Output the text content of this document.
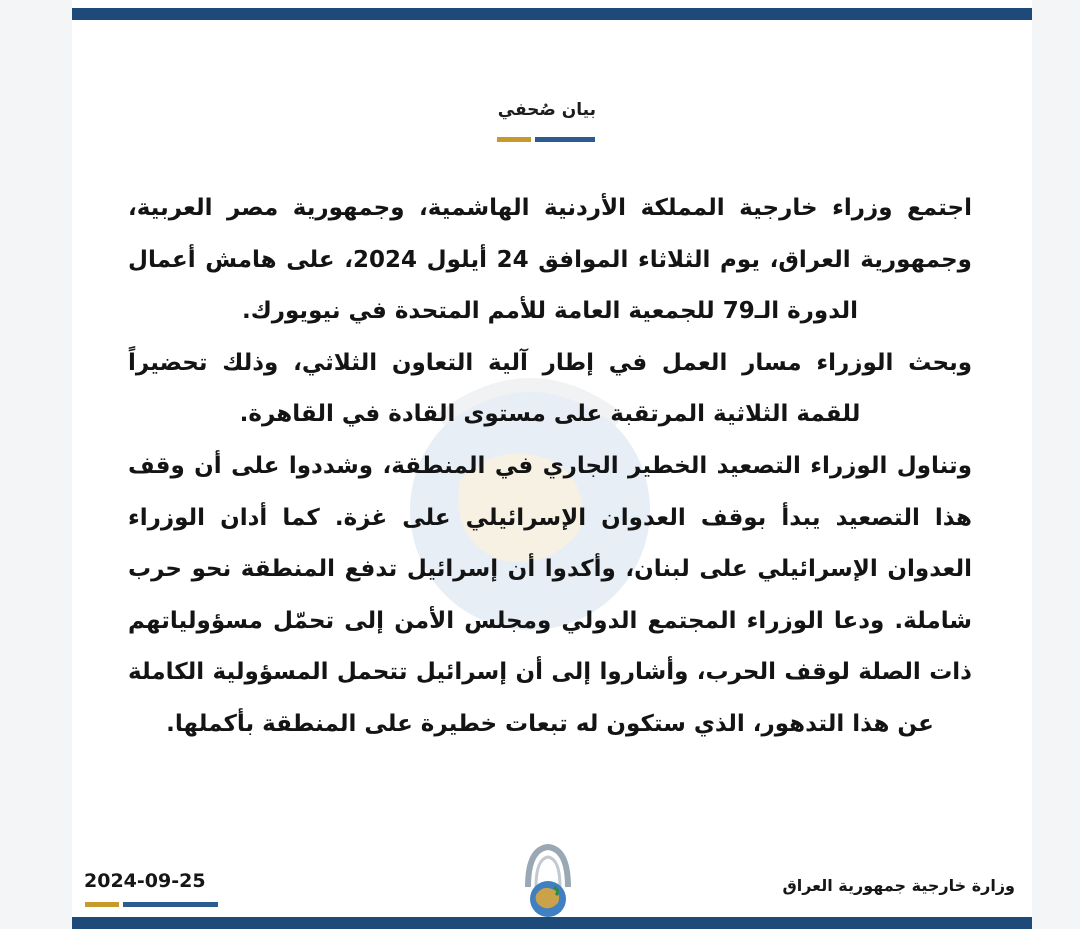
بيان صُحفي

اجتمع وزراء خارجية المملكة الأردنية الهاشمية، وجمهورية مصر العربية، وجمهورية العراق، يوم الثلاثاء الموافق 24 أيلول 2024، على هامش أعمال الدورة الـ79 للجمعية العامة للأمم المتحدة في نيويورك.

وبحث الوزراء مسار العمل في إطار آلية التعاون الثلاثي، وذلك تحضيراً للقمة الثلاثية المرتقبة على مستوى القادة في القاهرة.

وتناول الوزراء التصعيد الخطير الجاري في المنطقة، وشددوا على أن وقف هذا التصعيد يبدأ بوقف العدوان الإسرائيلي على غزة. كما أدان الوزراء العدوان الإسرائيلي على لبنان، وأكدوا أن إسرائيل تدفع المنطقة نحو حرب شاملة. ودعا الوزراء المجتمع الدولي ومجلس الأمن إلى تحمّل مسؤولياتهم ذات الصلة لوقف الحرب، وأشاروا إلى أن إسرائيل تتحمل المسؤولية الكاملة عن هذا التدهور، الذي ستكون له تبعات خطيرة على المنطقة بأكملها.

2024-09-25	وزارة خارجية جمهورية العراق
